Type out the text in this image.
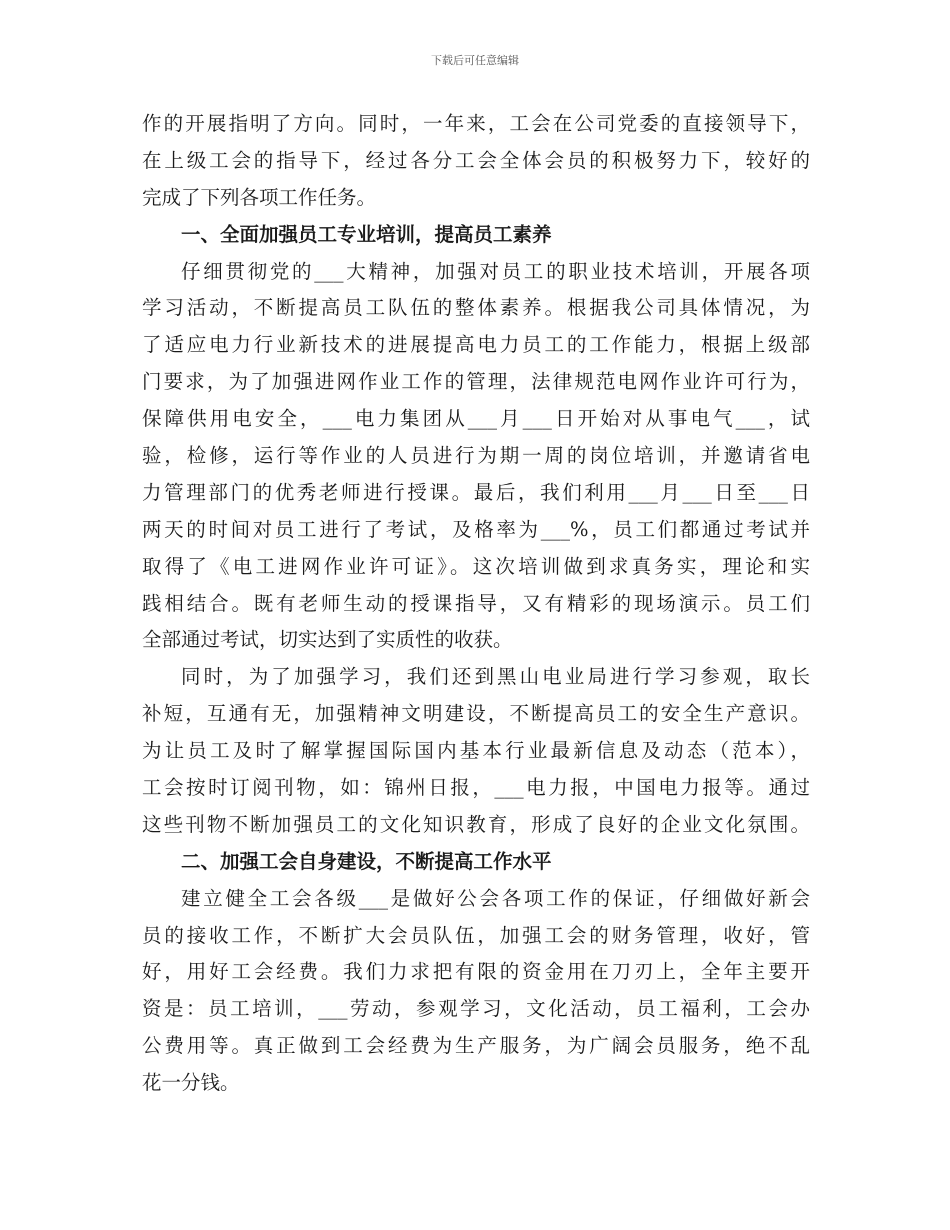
下载后可任意编辑
作的开展指明了方向。同时，一年来，工会在公司党委的直接领导下，
在上级工会的指导下，经过各分工会全体会员的积极努力下，较好的
完成了下列各项工作任务。
一、全面加强员工专业培训，提高员工素养
仔细贯彻党的___大精神，加强对员工的职业技术培训，开展各项
学习活动，不断提高员工队伍的整体素养。根据我公司具体情况，为
了适应电力行业新技术的进展提高电力员工的工作能力，根据上级部
门要求，为了加强进网作业工作的管理，法律规范电网作业许可行为，
保障供用电安全，___电力集团从___月___日开始对从事电气___，试
验，检修，运行等作业的人员进行为期一周的岗位培训，并邀请省电
力管理部门的优秀老师进行授课。最后，我们利用___月___日至___日
两天的时间对员工进行了考试，及格率为___%，员工们都通过考试并
取得了《电工进网作业许可证》。这次培训做到求真务实，理论和实
践相结合。既有老师生动的授课指导，又有精彩的现场演示。员工们
全部通过考试，切实达到了实质性的收获。
同时，为了加强学习，我们还到黑山电业局进行学习参观，取长
补短，互通有无，加强精神文明建设，不断提高员工的安全生产意识。
为让员工及时了解掌握国际国内基本行业最新信息及动态（范本），
工会按时订阅刊物，如：锦州日报，___电力报，中国电力报等。通过
这些刊物不断加强员工的文化知识教育，形成了良好的企业文化氛围。
二、加强工会自身建设，不断提高工作水平
建立健全工会各级___是做好公会各项工作的保证，仔细做好新会
员的接收工作，不断扩大会员队伍，加强工会的财务管理，收好，管
好，用好工会经费。我们力求把有限的资金用在刀刃上，全年主要开
资是：员工培训，___劳动，参观学习，文化活动，员工福利，工会办
公费用等。真正做到工会经费为生产服务，为广阔会员服务，绝不乱
花一分钱。
